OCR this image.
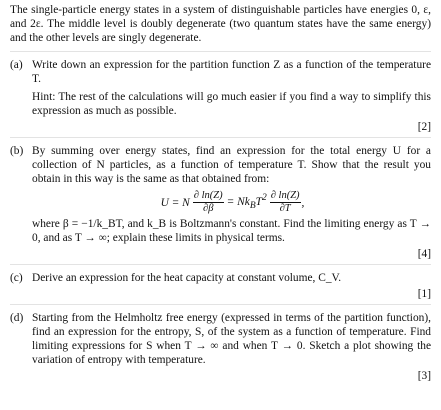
The single-particle energy states in a system of distinguishable particles have energies 0, ε, and 2ε. The middle level is doubly degenerate (two quantum states have the same energy) and the other levels are singly degenerate.

(a) Write down an expression for the partition function Z as a function of the temperature T.

Hint: The rest of the calculations will go much easier if you find a way to simplify this expression as much as possible.

[2]
(b) By summing over energy states, find an expression for the total energy U for a collection of N particles, as a function of temperature T. Show that the result you obtain in this way is the same as that obtained from:

U = N $\frac{\partial \ln(Z)}{\partial\beta} = Nk_BT^2 \frac{\partial \ln(Z)}{\partial T}$ ,

where β = −1/k_BT, and k_B is Boltzmann's constant. Find the limiting energy as T → 0, and as T → ∞; explain these limits in physical terms.

[4]
(c) Derive an expression for the heat capacity at constant volume, C_V.

[1]
(d) Starting from the Helmholtz free energy (expressed in terms of the partition function), find an expression for the entropy, S, of the system as a function of temperature. Find limiting expressions for S when T → ∞ and when T → 0. Sketch a plot showing the variation of entropy with temperature.

[3]
